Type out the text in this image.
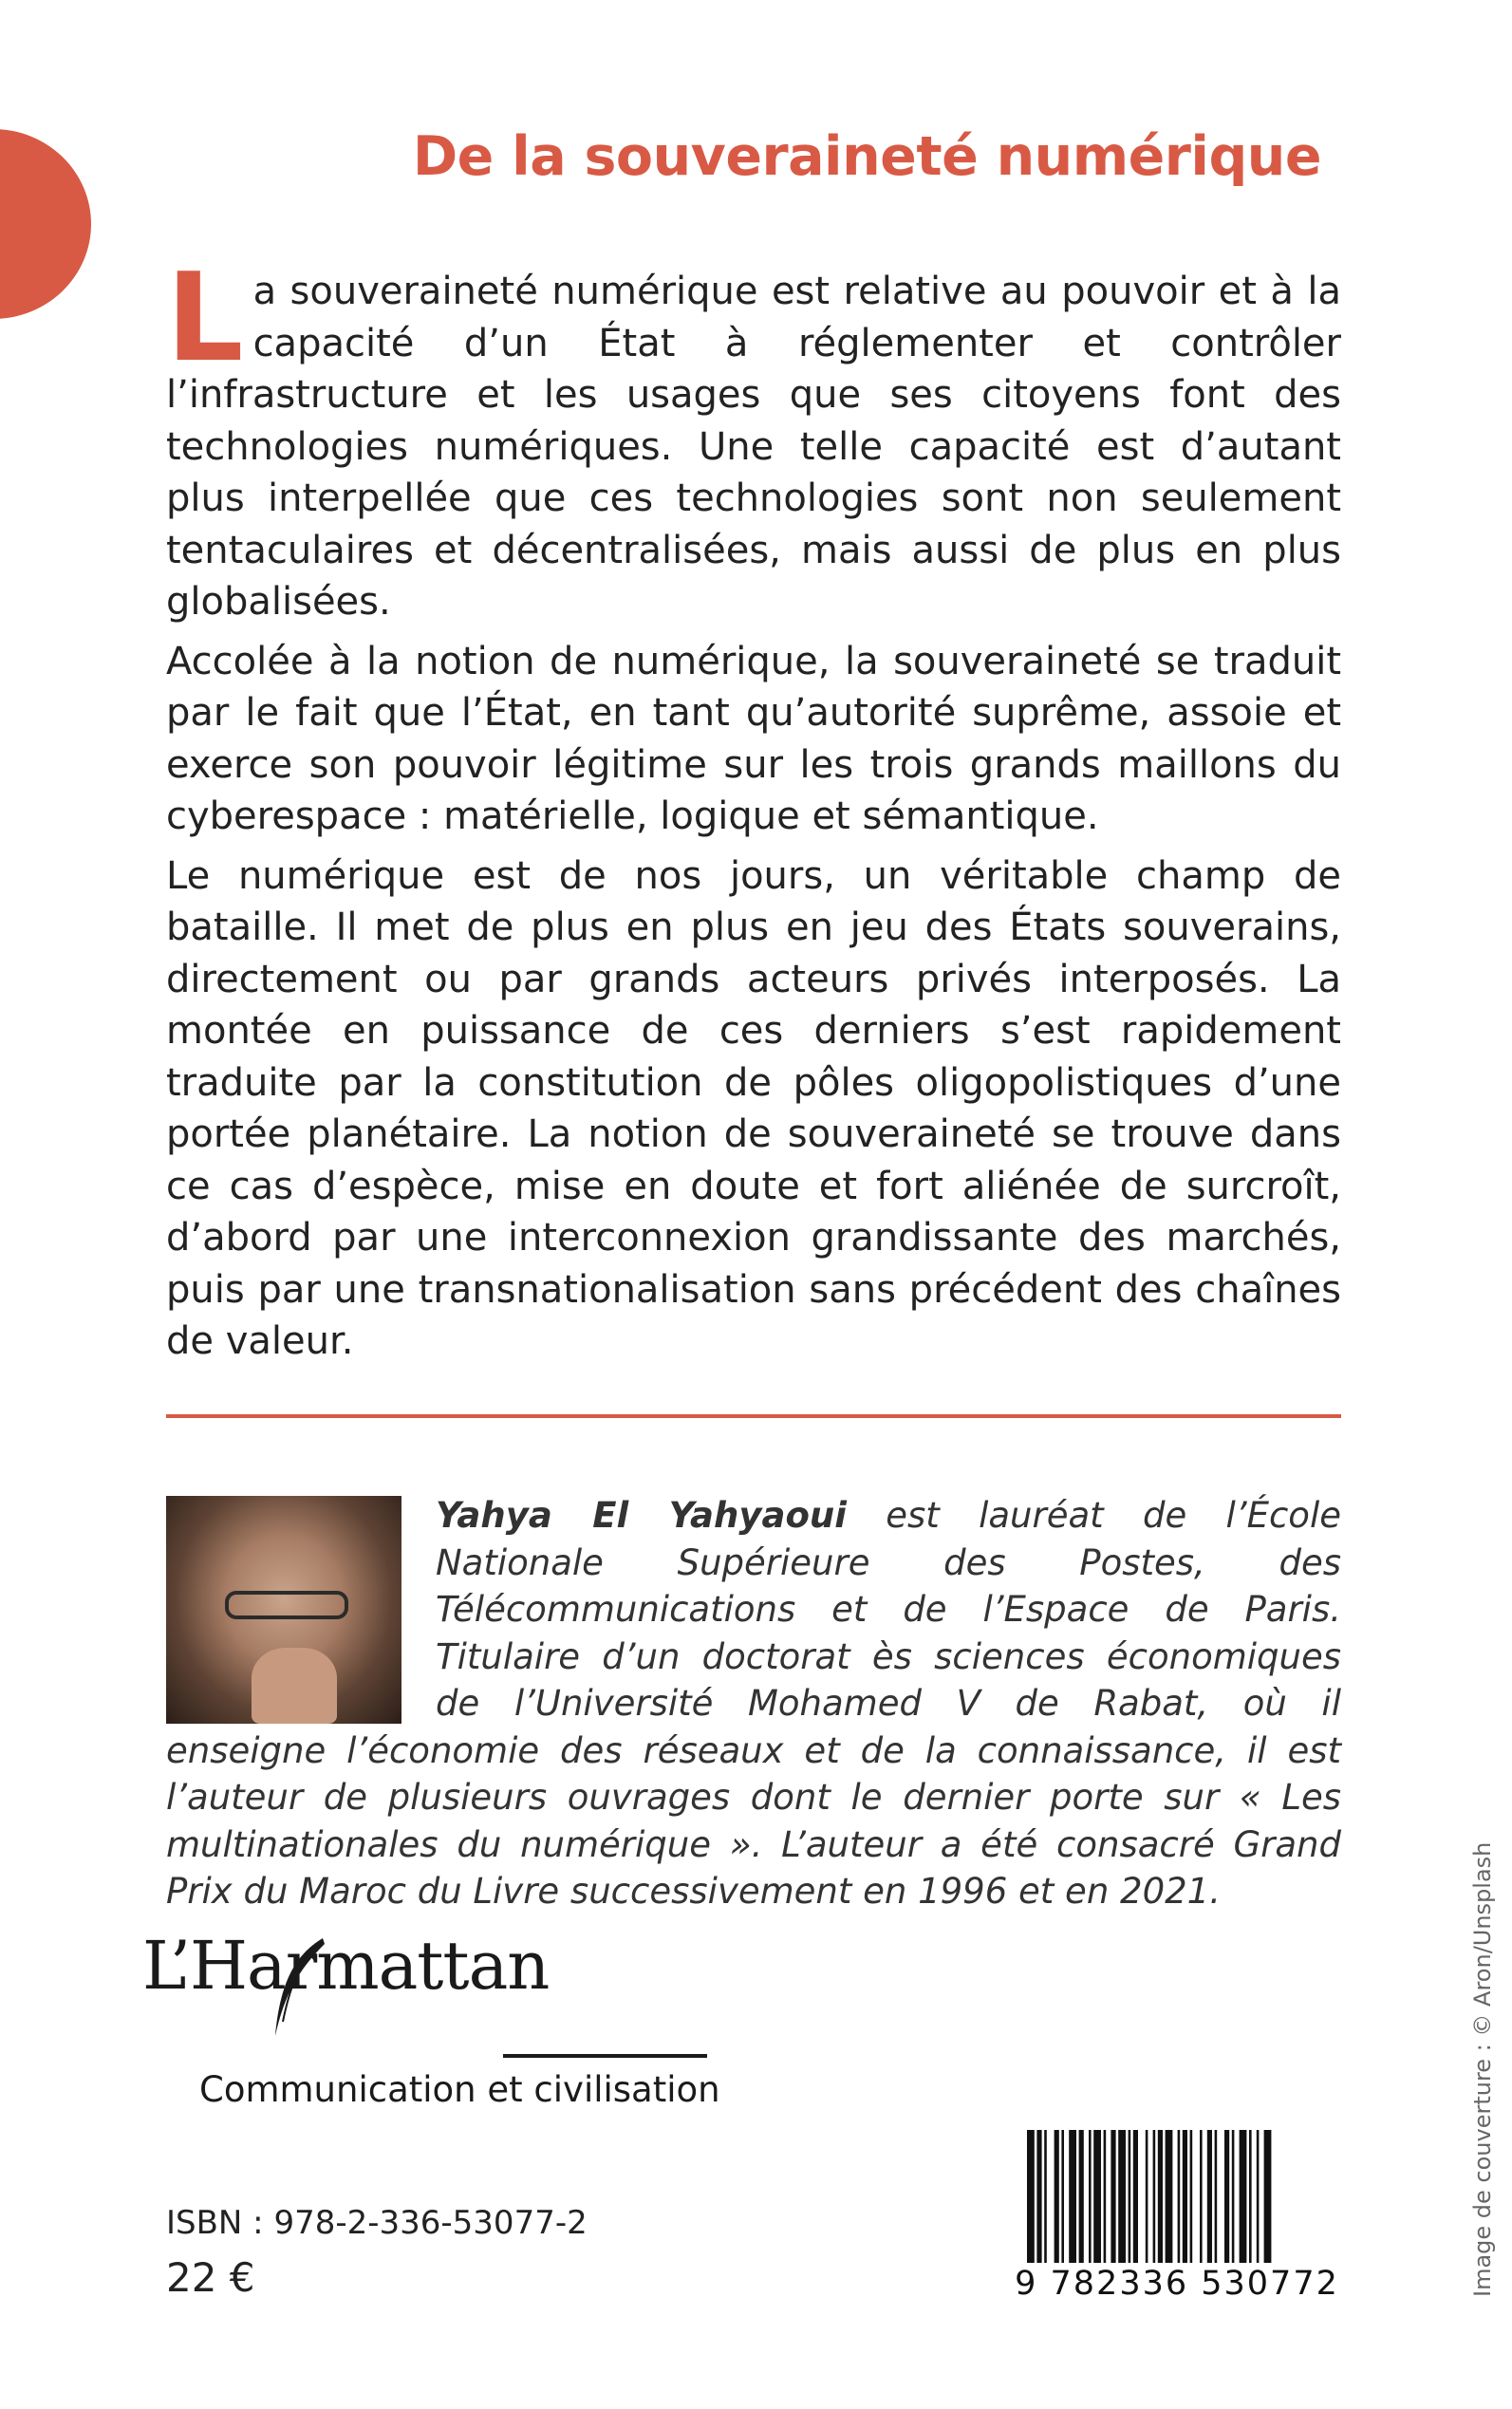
De la souveraineté numérique

La souveraineté numérique est relative au pouvoir et à la capacité d’un État à réglementer et contrôler l’infrastructure et les usages que ses citoyens font des technologies numériques. Une telle capacité est d’autant plus interpellée que ces technologies sont non seulement tentaculaires et décentralisées, mais aussi de plus en plus globalisées.

Accolée à la notion de numérique, la souveraineté se traduit par le fait que l’État, en tant qu’autorité suprême, assoie et exerce son pouvoir légitime sur les trois grands maillons du cyberespace : matérielle, logique et sémantique.

Le numérique est de nos jours, un véritable champ de bataille. Il met de plus en plus en jeu des États souverains, directement ou par grands acteurs privés interposés. La montée en puissance de ces derniers s’est rapidement traduite par la constitution de pôles oligopolistiques d’une portée planétaire. La notion de souveraineté se trouve dans ce cas d’espèce, mise en doute et fort aliénée de surcroît, d’abord par une interconnexion grandissante des marchés, puis par une transnationalisation sans précédent des chaînes de valeur.

Yahya El Yahyaoui est lauréat de l’École Nationale Supérieure des Postes, des Télécommunications et de l’Espace de Paris. Titulaire d’un doctorat ès sciences économiques de l’Université Mohamed V de Rabat, où il enseigne l’économie des réseaux et de la connaissance, il est l’auteur de plusieurs ouvrages dont le dernier porte sur « Les multinationales du numérique ». L’auteur a été consacré Grand Prix du Maroc du Livre successivement en 1996 et en 2021.
L’Harmattan
Communication et civilisation
ISBN : 978-2-336-53077-2
22 €	9 782336 530772	Image de couverture : © Aron/Unsplash
